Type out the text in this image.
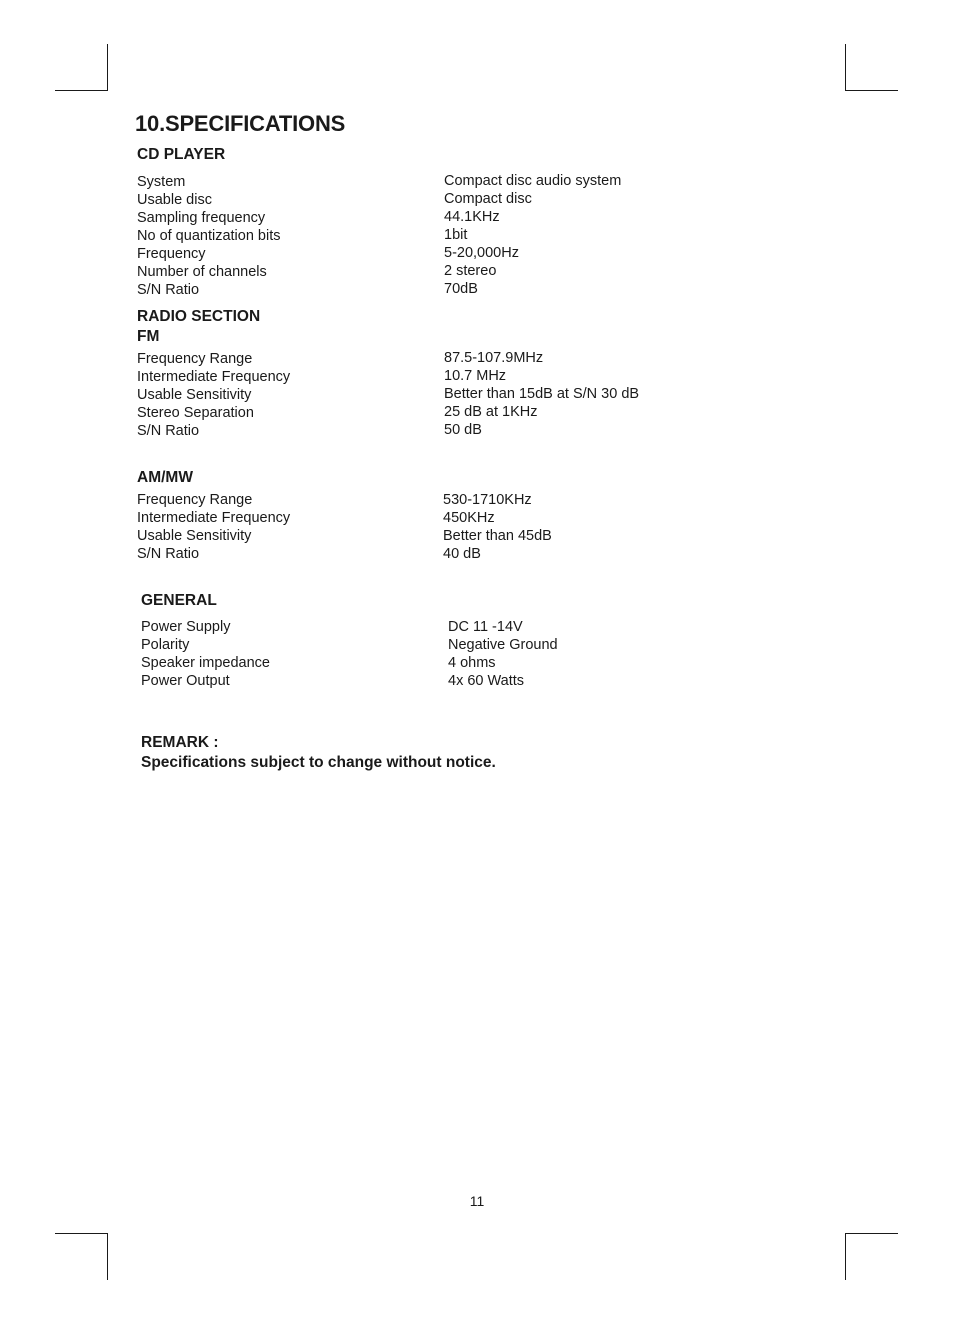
10.SPECIFICATIONS
CD PLAYER
System
Usable disc
Sampling frequency
No of quantization bits
Frequency
Number of channels
S/N Ratio
Compact disc audio system
Compact disc
44.1KHz
1bit
5-20,000Hz
2 stereo
70dB
RADIO SECTION
FM
Frequency Range
Intermediate Frequency
Usable Sensitivity
Stereo Separation
S/N Ratio
87.5-107.9MHz
10.7 MHz
Better than 15dB at S/N 30 dB
25 dB at 1KHz
50 dB
AM/MW
Frequency Range
Intermediate Frequency
Usable Sensitivity
S/N Ratio
530-1710KHz
450KHz
Better than 45dB
40 dB
GENERAL
Power Supply
Polarity
Speaker impedance
Power Output
DC 11 -14V
Negative Ground
4 ohms
4x 60 Watts
REMARK :
Specifications subject to change without notice.
11
